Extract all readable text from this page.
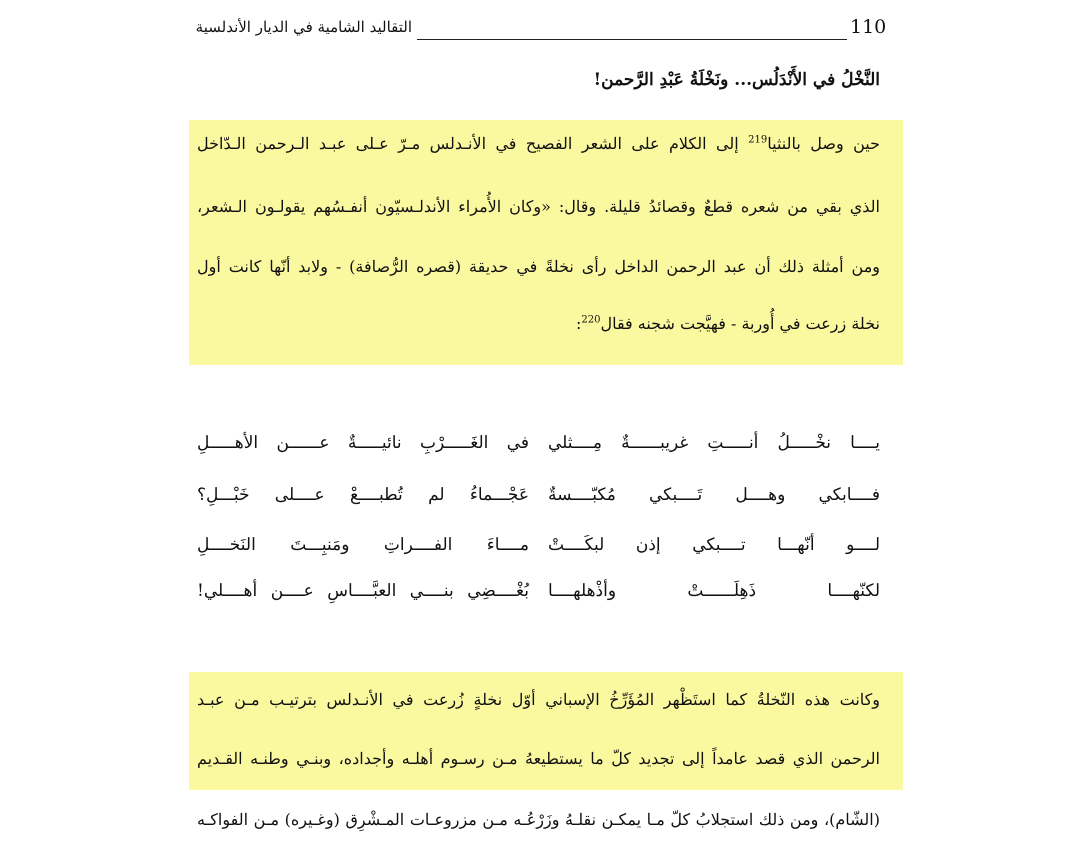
110
التقاليد الشامية في الديار الأندلسية
النَّخْلُ في الأَنْدَلُس... ونَخْلَةُ عَبْدِ الرَّحمن!
حين وصل بالنثيا$^{219}$ إلى الكلام على الشعر الفصيح في الأنـدلس مـرّ عـلى عبـد الـرحمن الـدّاخل
الذي بقي من شعره قطعٌ وقصائدُ قليلة. وقال: «وكان الأُمراء الأندلـسيّون أنفـسُهم يقولـون الـشعر،
ومن أمثلة ذلك أن عبد الرحمن الداخل رأى نخلةً في حديقة (قصره الرُّصافة) - ولابد أنّها كانت أول
نخلة زرعت في أُوربة - فهيَّجت شجنه فقال$^{220}$:
يــــا نخْـــــلُ أنـــــتِ غريبــــــةٌ مِــــثلي
في الغَـــــرْبِ نائيـــــةٌ عــــــن الأهـــــلِ
فــــابكي وهــــل تَــــبكي مُكبّــــسةٌ
عَجْـــماءُ لم تُطبــــعْ عــــلى خَبْـــلِ؟
لــــو أنّهـــا تــــبكي إذن لبكَــــتْ
مــــاءَ الفــــراتِ ومَنبِـــتَ النَخــــلِ
لكنّهــــا ذَهِلَــــــتْ وأذْهلهــــا
بُغْــــضِي بنــــي العبَّــــاسِ عــــن أهــــلي!
وكانت هذه النّخلةُ كما استَظْهر المُؤَرِّخُ الإسباني أوّل نخلةٍ زُرعت في الأنـدلس بترتيـب مـن عبـد
الرحمن الذي قصد عامداً إلى تجديد كلّ ما يستطيعهُ مـن رسـوم أهلـه وأجداده، وبنـي وطنـه القـديم
(الشّام)، ومن ذلك استجلابُ كلّ مـا يمكـن نقلـهُ وزَرْعُـه مـن مزروعـات المـشْرِق (وغـيره) مـن الفواكـه
